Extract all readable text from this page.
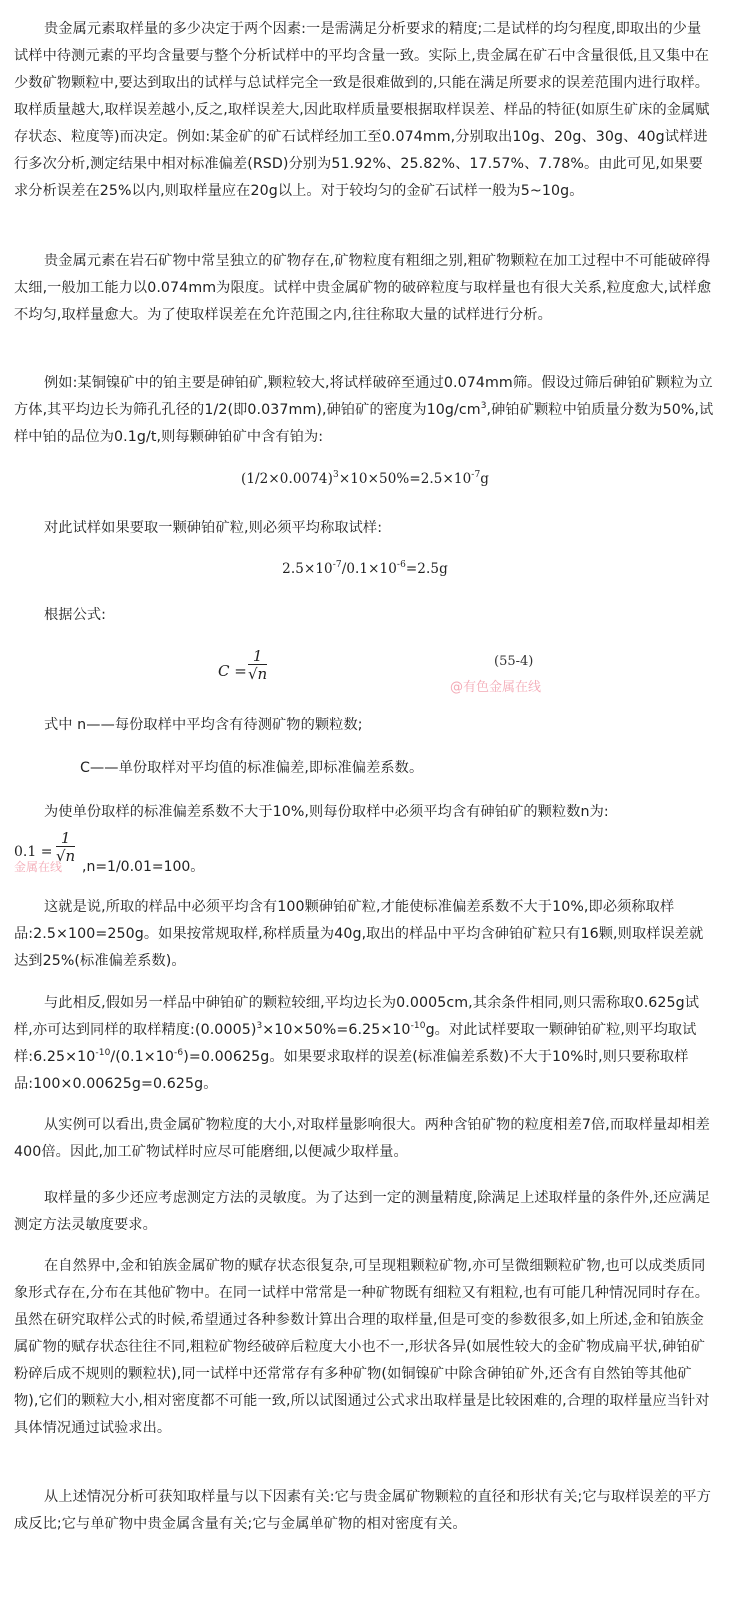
贵金属元素取样量的多少决定于两个因素:一是需满足分析要求的精度;二是试样的均匀程度,即取出的少量试样中待测元素的平均含量要与整个分析试样中的平均含量一致。实际上,贵金属在矿石中含量很低,且又集中在少数矿物颗粒中,要达到取出的试样与总试样完全一致是很难做到的,只能在满足所要求的误差范围内进行取样。取样质量越大,取样误差越小,反之,取样误差大,因此取样质量要根据取样误差、样品的特征(如原生矿床的金属赋存状态、粒度等)而决定。例如:某金矿的矿石试样经加工至0.074mm,分别取出10g、20g、30g、40g试样进行多次分析,测定结果中相对标准偏差(RSD)分别为51.92%、25.82%、17.57%、7.78%。由此可见,如果要求分析误差在25%以内,则取样量应在20g以上。对于较均匀的金矿石试样一般为5~10g。

贵金属元素在岩石矿物中常呈独立的矿物存在,矿物粒度有粗细之别,粗矿物颗粒在加工过程中不可能破碎得太细,一般加工能力以0.074mm为限度。试样中贵金属矿物的破碎粒度与取样量也有很大关系,粒度愈大,试样愈不均匀,取样量愈大。为了使取样误差在允许范围之内,往往称取大量的试样进行分析。

例如:某铜镍矿中的铂主要是砷铂矿,颗粒较大,将试样破碎至通过0.074mm筛。假设过筛后砷铂矿颗粒为立方体,其平均边长为筛孔孔径的1/2(即0.037mm),砷铂矿的密度为$10g/cm^3$,砷铂矿颗粒中铂质量分数为50%,试样中铂的品位为0.1g/t,则每颗砷铂矿中含有铂为:

$(1/2\times 0.0074)^3\times 10\times 50\%=2.5\times 10^{-7}g$

对此试样如果要取一颗砷铂矿粒,则必须平均称取试样:

$2.5\times 10^{-7}/0.1\times 10^{-6}=2.5g$

根据公式:

$C = \frac{1}{√n}$	(55-4)
@有色金属在线

式中 n——每份取样中平均含有待测矿物的颗粒数;

C——单份取样对平均值的标准偏差,即标准偏差系数。

为使单份取样的标准偏差系数不大于10%,则每份取样中必须平均含有砷铂矿的颗粒数n为:

$0.1 = \frac{1}{√n}$
金属在线 ,n=1/0.01=100。

这就是说,所取的样品中必须平均含有100颗砷铂矿粒,才能使标准偏差系数不大于10%,即必须称取样品:2.5×100=250g。如果按常规取样,称样质量为40g,取出的样品中平均含砷铂矿粒只有16颗,则取样误差就达到25%(标准偏差系数)。

与此相反,假如另一样品中砷铂矿的颗粒较细,平均边长为0.0005cm,其余条件相同,则只需称取0.625g试样,亦可达到同样的取样精度$:(0.0005)^3\times 10\times 50\%=6.25\times 10^{-10}g$。对此试样要取一颗砷铂矿粒,则平均取试样$:6.25\times 10^{-10}/(0.1\times 10^{-6})=0.00625g$。如果要求取样的误差(标准偏差系数)不大于10%时,则只要称取样品:100×0.00625g=0.625g。

从实例可以看出,贵金属矿物粒度的大小,对取样量影响很大。两种含铂矿物的粒度相差7倍,而取样量却相差400倍。因此,加工矿物试样时应尽可能磨细,以便减少取样量。

取样量的多少还应考虑测定方法的灵敏度。为了达到一定的测量精度,除满足上述取样量的条件外,还应满足测定方法灵敏度要求。

在自然界中,金和铂族金属矿物的赋存状态很复杂,可呈现粗颗粒矿物,亦可呈微细颗粒矿物,也可以成类质同象形式存在,分布在其他矿物中。在同一试样中常常是一种矿物既有细粒又有粗粒,也有可能几种情况同时存在。虽然在研究取样公式的时候,希望通过各种参数计算出合理的取样量,但是可变的参数很多,如上所述,金和铂族金属矿物的赋存状态往往不同,粗粒矿物经破碎后粒度大小也不一,形状各异(如展性较大的金矿物成扁平状,砷铂矿粉碎后成不规则的颗粒状),同一试样中还常常存有多种矿物(如铜镍矿中除含砷铂矿外,还含有自然铂等其他矿物),它们的颗粒大小,相对密度都不可能一致,所以试图通过公式求出取样量是比较困难的,合理的取样量应当针对具体情况通过试验求出。

从上述情况分析可获知取样量与以下因素有关:它与贵金属矿物颗粒的直径和形状有关;它与取样误差的平方成反比;它与单矿物中贵金属含量有关;它与金属单矿物的相对密度有关。
